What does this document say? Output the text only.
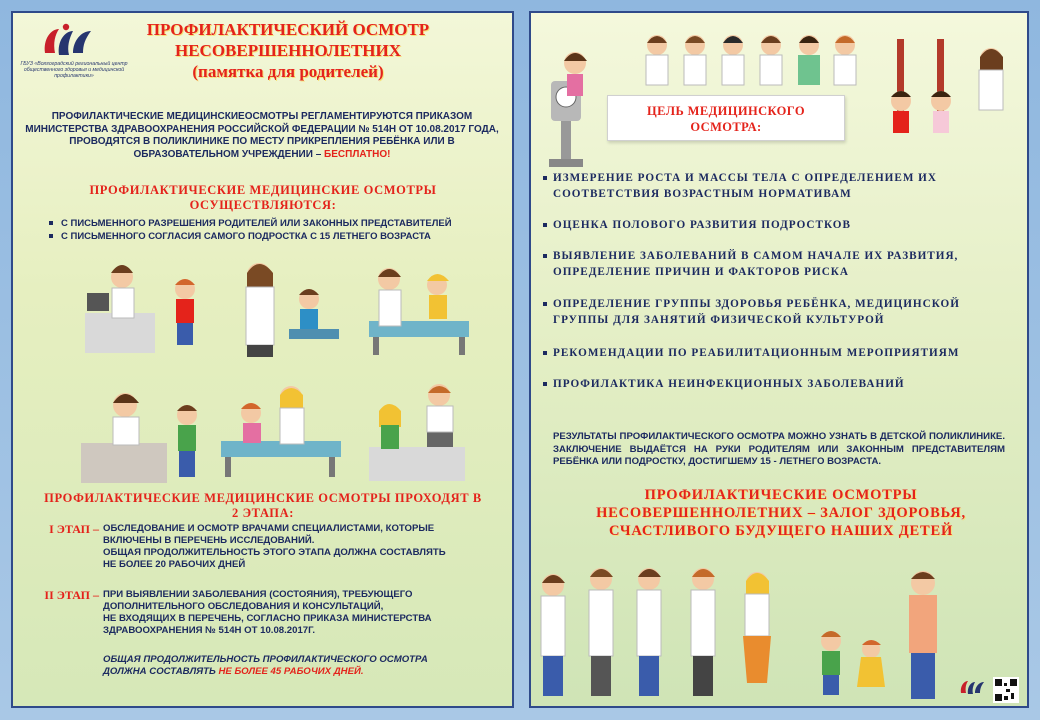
ГБУЗ «Волгоградский региональный центр общественного здоровья и медицинской профилактики»
ПРОФИЛАКТИЧЕСКИЙ ОСМОТР
НЕСОВЕРШЕННОЛЕТНИХ
(памятка для родителей)
ПРОФИЛАКТИЧЕСКИЕ МЕДИЦИНСКИЕОСМОТРЫ РЕГЛАМЕНТИРУЮТСЯ ПРИКАЗОМ МИНИСТЕРСТВА ЗДРАВООХРАНЕНИЯ РОССИЙСКОЙ ФЕДЕРАЦИИ № 514Н ОТ 10.08.2017 ГОДА, ПРОВОДЯТСЯ В ПОЛИКЛИНИКЕ ПО МЕСТУ ПРИКРЕПЛЕНИЯ РЕБЁНКА ИЛИ В ОБРАЗОВАТЕЛЬНОМ УЧРЕЖДЕНИИ – БЕСПЛАТНО!
ПРОФИЛАКТИЧЕСКИЕ МЕДИЦИНСКИЕ ОСМОТРЫ
ОСУЩЕСТВЛЯЮТСЯ:
С ПИСЬМЕННОГО РАЗРЕШЕНИЯ РОДИТЕЛЕЙ ИЛИ ЗАКОННЫХ ПРЕДСТАВИТЕЛЕЙ
С ПИСЬМЕННОГО СОГЛАСИЯ САМОГО ПОДРОСТКА С 15 ЛЕТНЕГО ВОЗРАСТА
ПРОФИЛАКТИЧЕСКИЕ МЕДИЦИНСКИЕ ОСМОТРЫ ПРОХОДЯТ В
2 ЭТАПА:
I ЭТАП – ОБСЛЕДОВАНИЕ И ОСМОТР ВРАЧАМИ СПЕЦИАЛИСТАМИ, КОТОРЫЕ
ВКЛЮЧЕНЫ В ПЕРЕЧЕНЬ ИССЛЕДОВАНИЙ.
ОБЩАЯ ПРОДОЛЖИТЕЛЬНОСТЬ ЭТОГО ЭТАПА ДОЛЖНА СОСТАВЛЯТЬ
НЕ БОЛЕЕ 20 РАБОЧИХ ДНЕЙ
II ЭТАП – ПРИ ВЫЯВЛЕНИИ ЗАБОЛЕВАНИЯ (СОСТОЯНИЯ), ТРЕБУЮЩЕГО
ДОПОЛНИТЕЛЬНОГО ОБСЛЕДОВАНИЯ И КОНСУЛЬТАЦИЙ,
НЕ ВХОДЯЩИХ В ПЕРЕЧЕНЬ, СОГЛАСНО ПРИКАЗА МИНИСТЕРСТВА
ЗДРАВООХРАНЕНИЯ № 514Н ОТ 10.08.2017Г.
ОБЩАЯ ПРОДОЛЖИТЕЛЬНОСТЬ ПРОФИЛАКТИЧЕСКОГО ОСМОТРА
ДОЛЖНА СОСТАВЛЯТЬ НЕ БОЛЕЕ 45 РАБОЧИХ ДНЕЙ.
ЦЕЛЬ МЕДИЦИНСКОГО
ОСМОТРА:
ИЗМЕРЕНИЕ РОСТА И МАССЫ ТЕЛА С ОПРЕДЕЛЕНИЕМ ИХ
СООТВЕТСТВИЯ ВОЗРАСТНЫМ НОРМАТИВАМ
ОЦЕНКА ПОЛОВОГО РАЗВИТИЯ ПОДРОСТКОВ
ВЫЯВЛЕНИЕ ЗАБОЛЕВАНИЙ В САМОМ НАЧАЛЕ ИХ РАЗВИТИЯ,
ОПРЕДЕЛЕНИЕ ПРИЧИН И ФАКТОРОВ РИСКА
ОПРЕДЕЛЕНИЕ ГРУППЫ ЗДОРОВЬЯ РЕБЁНКА, МЕДИЦИНСКОЙ
ГРУППЫ ДЛЯ ЗАНЯТИЙ ФИЗИЧЕСКОЙ КУЛЬТУРОЙ
РЕКОМЕНДАЦИИ ПО РЕАБИЛИТАЦИОННЫМ МЕРОПРИЯТИЯМ
ПРОФИЛАКТИКА НЕИНФЕКЦИОННЫХ ЗАБОЛЕВАНИЙ
РЕЗУЛЬТАТЫ ПРОФИЛАКТИЧЕСКОГО ОСМОТРА МОЖНО УЗНАТЬ В ДЕТСКОЙ ПОЛИКЛИНИКЕ. ЗАКЛЮЧЕНИЕ ВЫДАЁТСЯ НА РУКИ РОДИТЕЛЯМ ИЛИ ЗАКОННЫМ ПРЕДСТАВИТЕЛЯМ РЕБЁНКА ИЛИ ПОДРОСТКУ, ДОСТИГШЕМУ 15 - ЛЕТНЕГО ВОЗРАСТА.
ПРОФИЛАКТИЧЕСКИЕ ОСМОТРЫ
НЕСОВЕРШЕННОЛЕТНИХ – ЗАЛОГ ЗДОРОВЬЯ,
СЧАСТЛИВОГО БУДУЩЕГО НАШИХ ДЕТЕЙ
